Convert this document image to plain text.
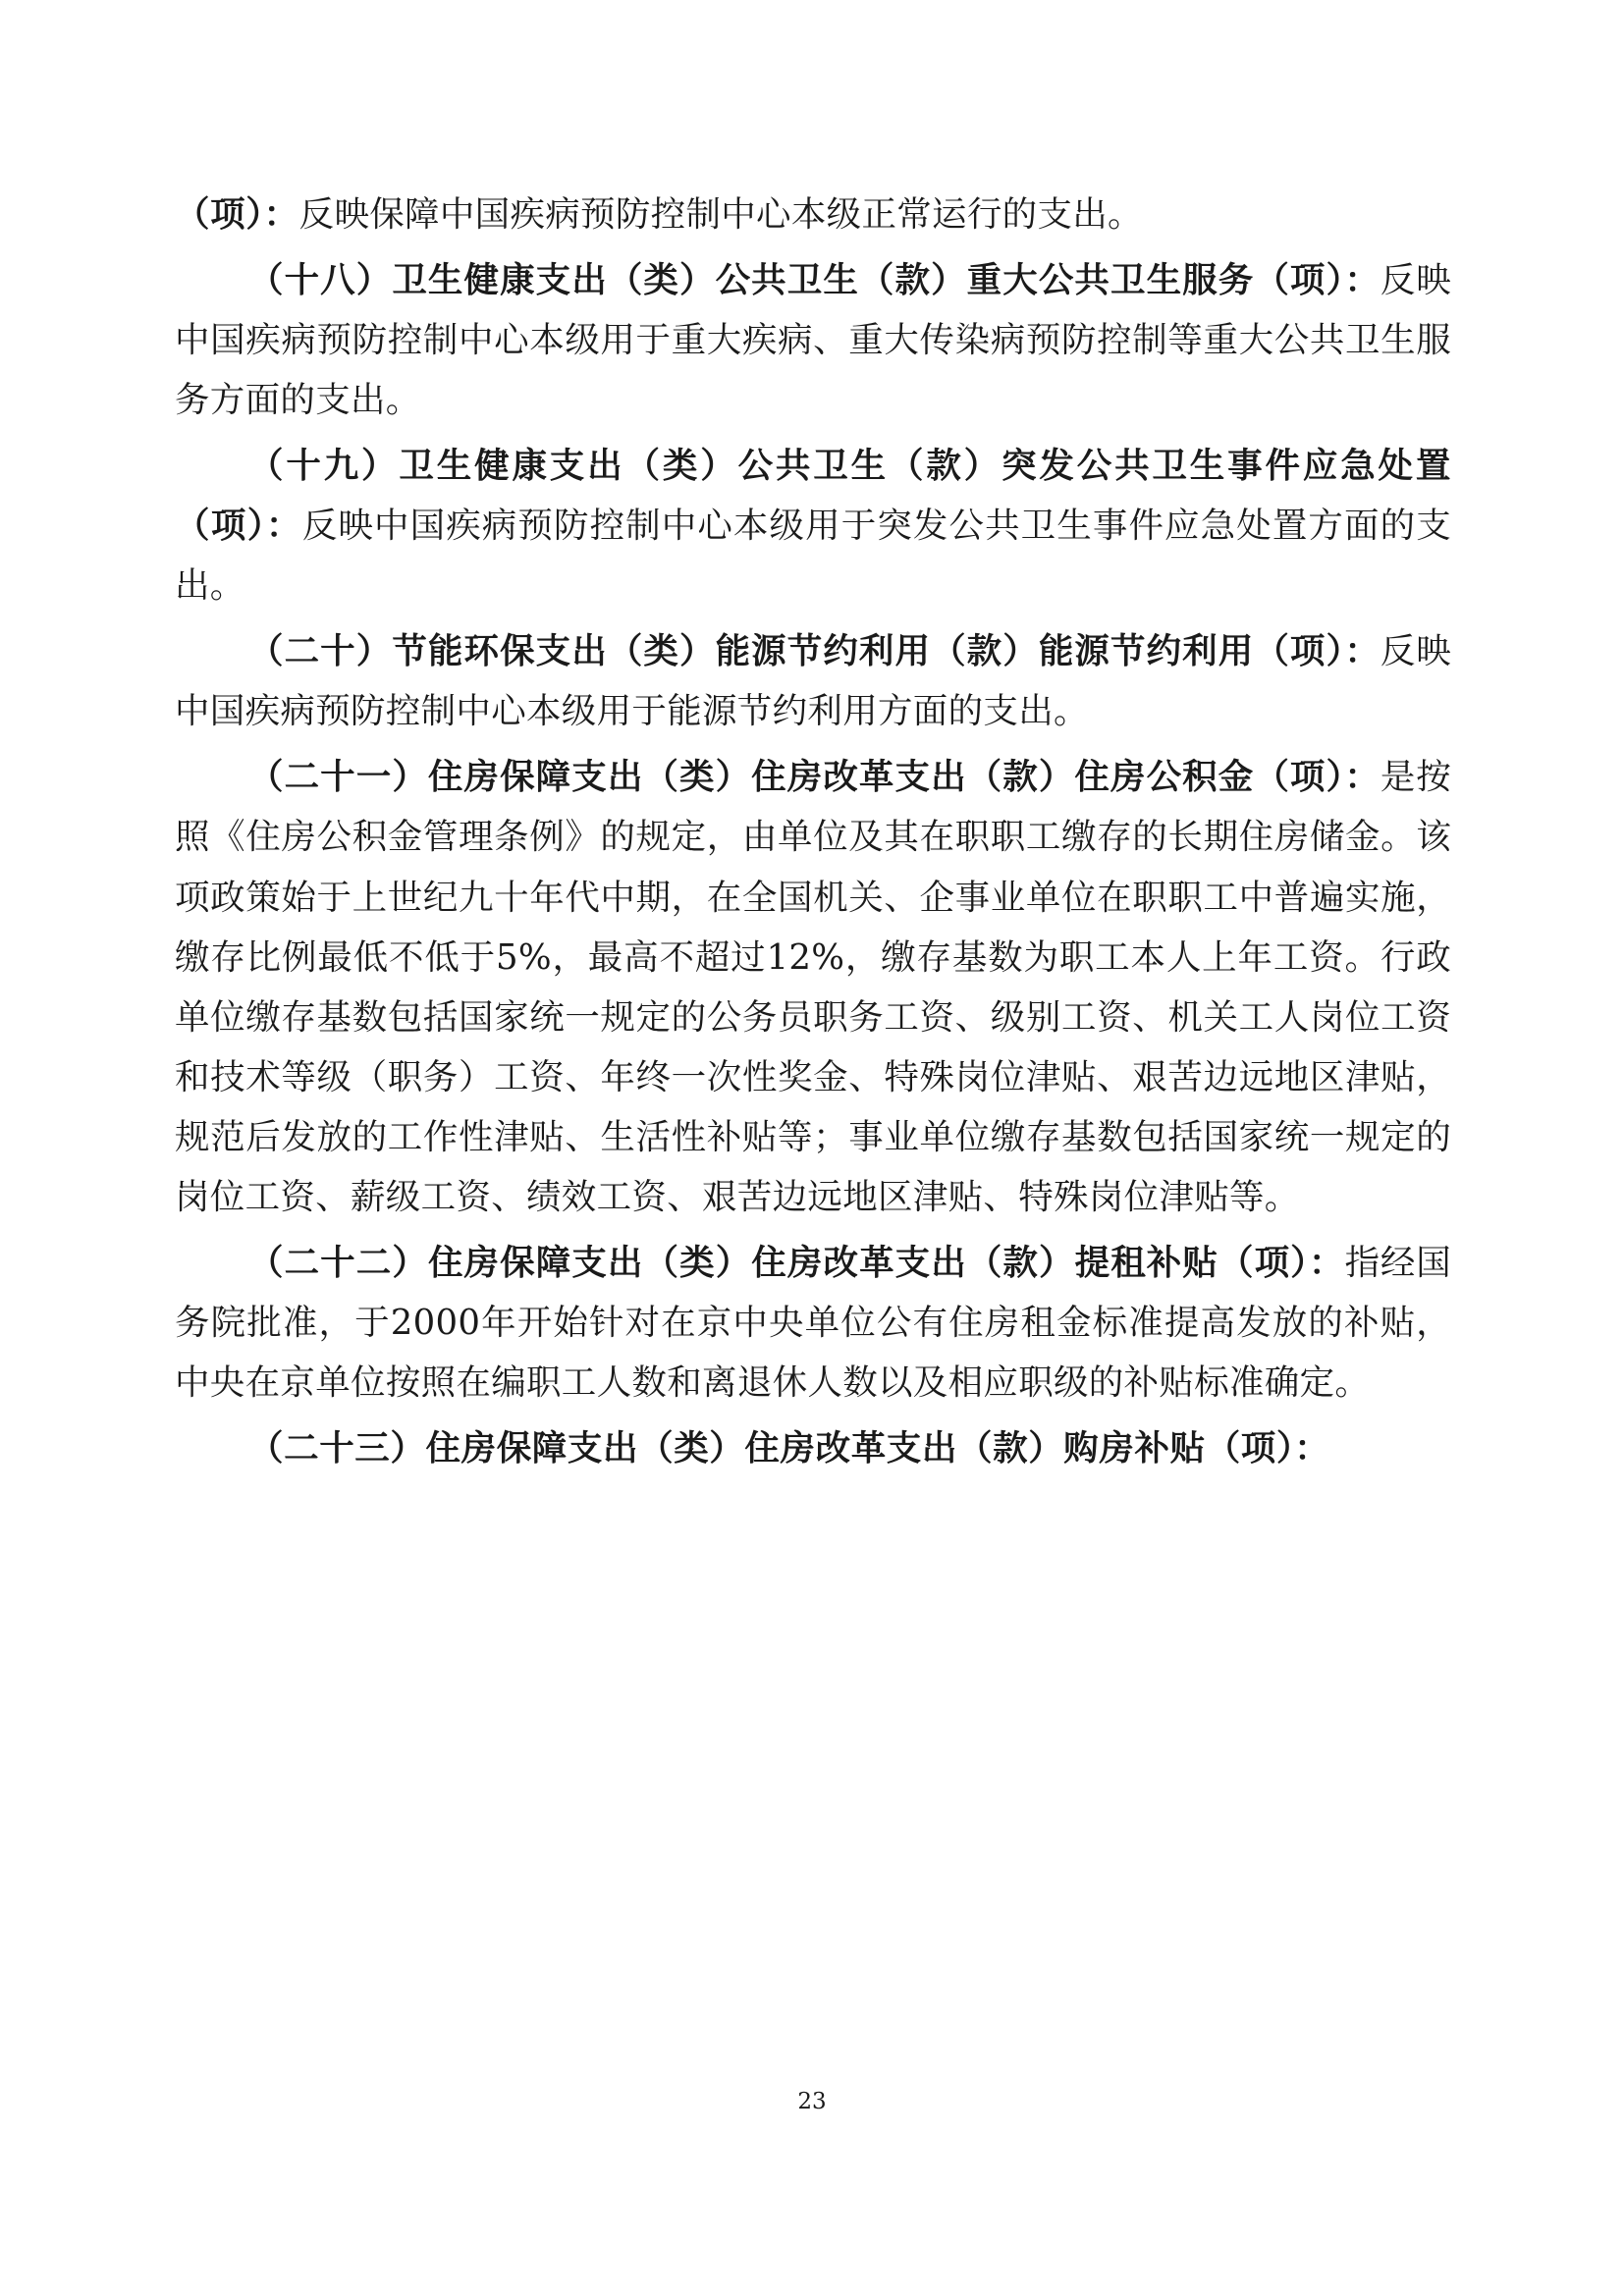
（项）：反映保障中国疾病预防控制中心本级正常运行的支出。

（十八）卫生健康支出（类）公共卫生（款）重大公共卫生服务（项）：反映中国疾病预防控制中心本级用于重大疾病、重大传染病预防控制等重大公共卫生服务方面的支出。

（十九）卫生健康支出（类）公共卫生（款）突发公共卫生事件应急处置（项）：反映中国疾病预防控制中心本级用于突发公共卫生事件应急处置方面的支出。

（二十）节能环保支出（类）能源节约利用（款）能源节约利用（项）：反映中国疾病预防控制中心本级用于能源节约利用方面的支出。

（二十一）住房保障支出（类）住房改革支出（款）住房公积金（项）：是按照《住房公积金管理条例》的规定，由单位及其在职职工缴存的长期住房储金。该项政策始于上世纪九十年代中期，在全国机关、企事业单位在职职工中普遍实施，缴存比例最低不低于5%，最高不超过12%，缴存基数为职工本人上年工资。行政单位缴存基数包括国家统一规定的公务员职务工资、级别工资、机关工人岗位工资和技术等级（职务）工资、年终一次性奖金、特殊岗位津贴、艰苦边远地区津贴，规范后发放的工作性津贴、生活性补贴等；事业单位缴存基数包括国家统一规定的岗位工资、薪级工资、绩效工资、艰苦边远地区津贴、特殊岗位津贴等。

（二十二）住房保障支出（类）住房改革支出（款）提租补贴（项）：指经国务院批准，于2000年开始针对在京中央单位公有住房租金标准提高发放的补贴，中央在京单位按照在编职工人数和离退休人数以及相应职级的补贴标准确定。

（二十三）住房保障支出（类）住房改革支出（款）购房补贴（项）：

23
